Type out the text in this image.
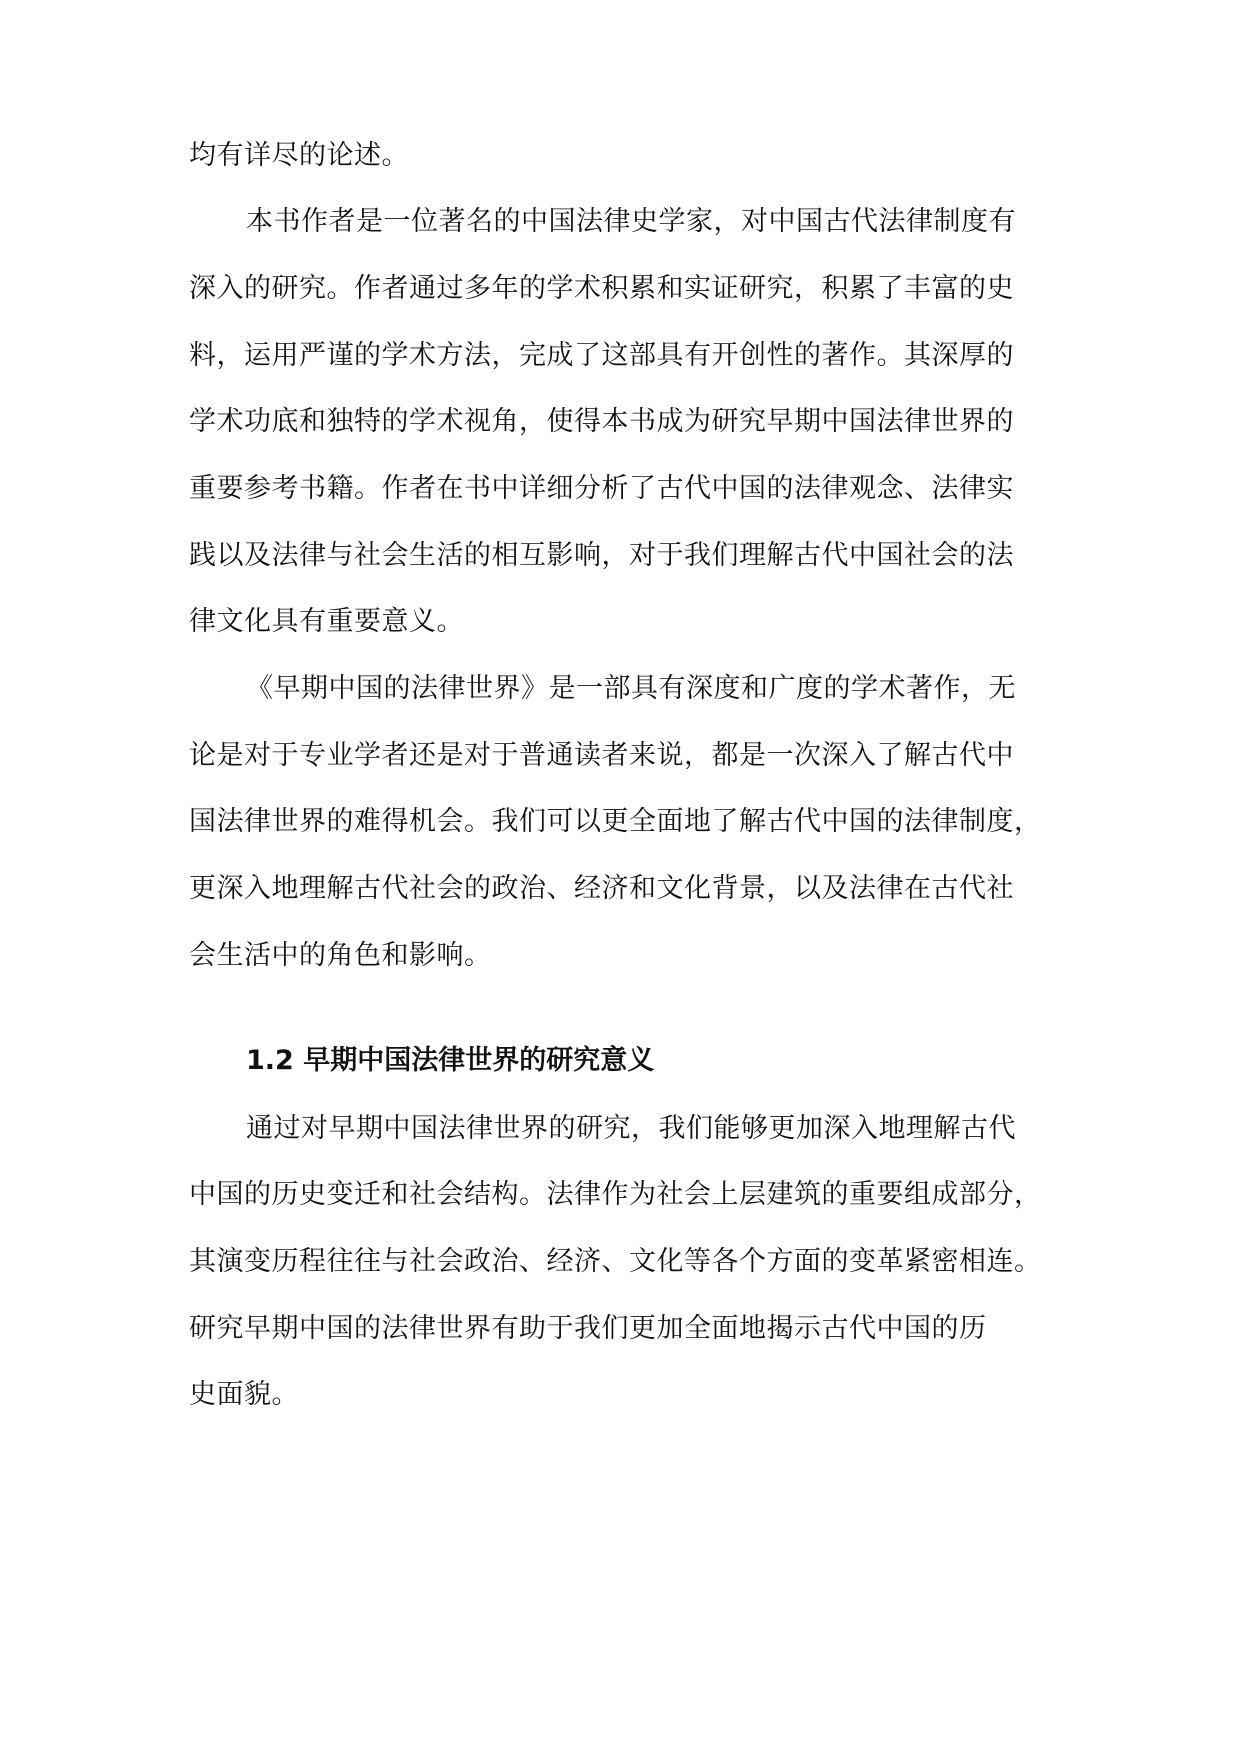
均有详尽的论述。
本书作者是一位著名的中国法律史学家，对中国古代法律制度有
深入的研究。作者通过多年的学术积累和实证研究，积累了丰富的史
料，运用严谨的学术方法，完成了这部具有开创性的著作。其深厚的
学术功底和独特的学术视角，使得本书成为研究早期中国法律世界的
重要参考书籍。作者在书中详细分析了古代中国的法律观念、法律实
践以及法律与社会生活的相互影响，对于我们理解古代中国社会的法
律文化具有重要意义。
《早期中国的法律世界》是一部具有深度和广度的学术著作，无
论是对于专业学者还是对于普通读者来说，都是一次深入了解古代中
国法律世界的难得机会。我们可以更全面地了解古代中国的法律制度，
更深入地理解古代社会的政治、经济和文化背景，以及法律在古代社
会生活中的角色和影响。
1.2 早期中国法律世界的研究意义
通过对早期中国法律世界的研究，我们能够更加深入地理解古代
中国的历史变迁和社会结构。法律作为社会上层建筑的重要组成部分，
其演变历程往往与社会政治、经济、文化等各个方面的变革紧密相连。
研究早期中国的法律世界有助于我们更加全面地揭示古代中国的历
史面貌。
